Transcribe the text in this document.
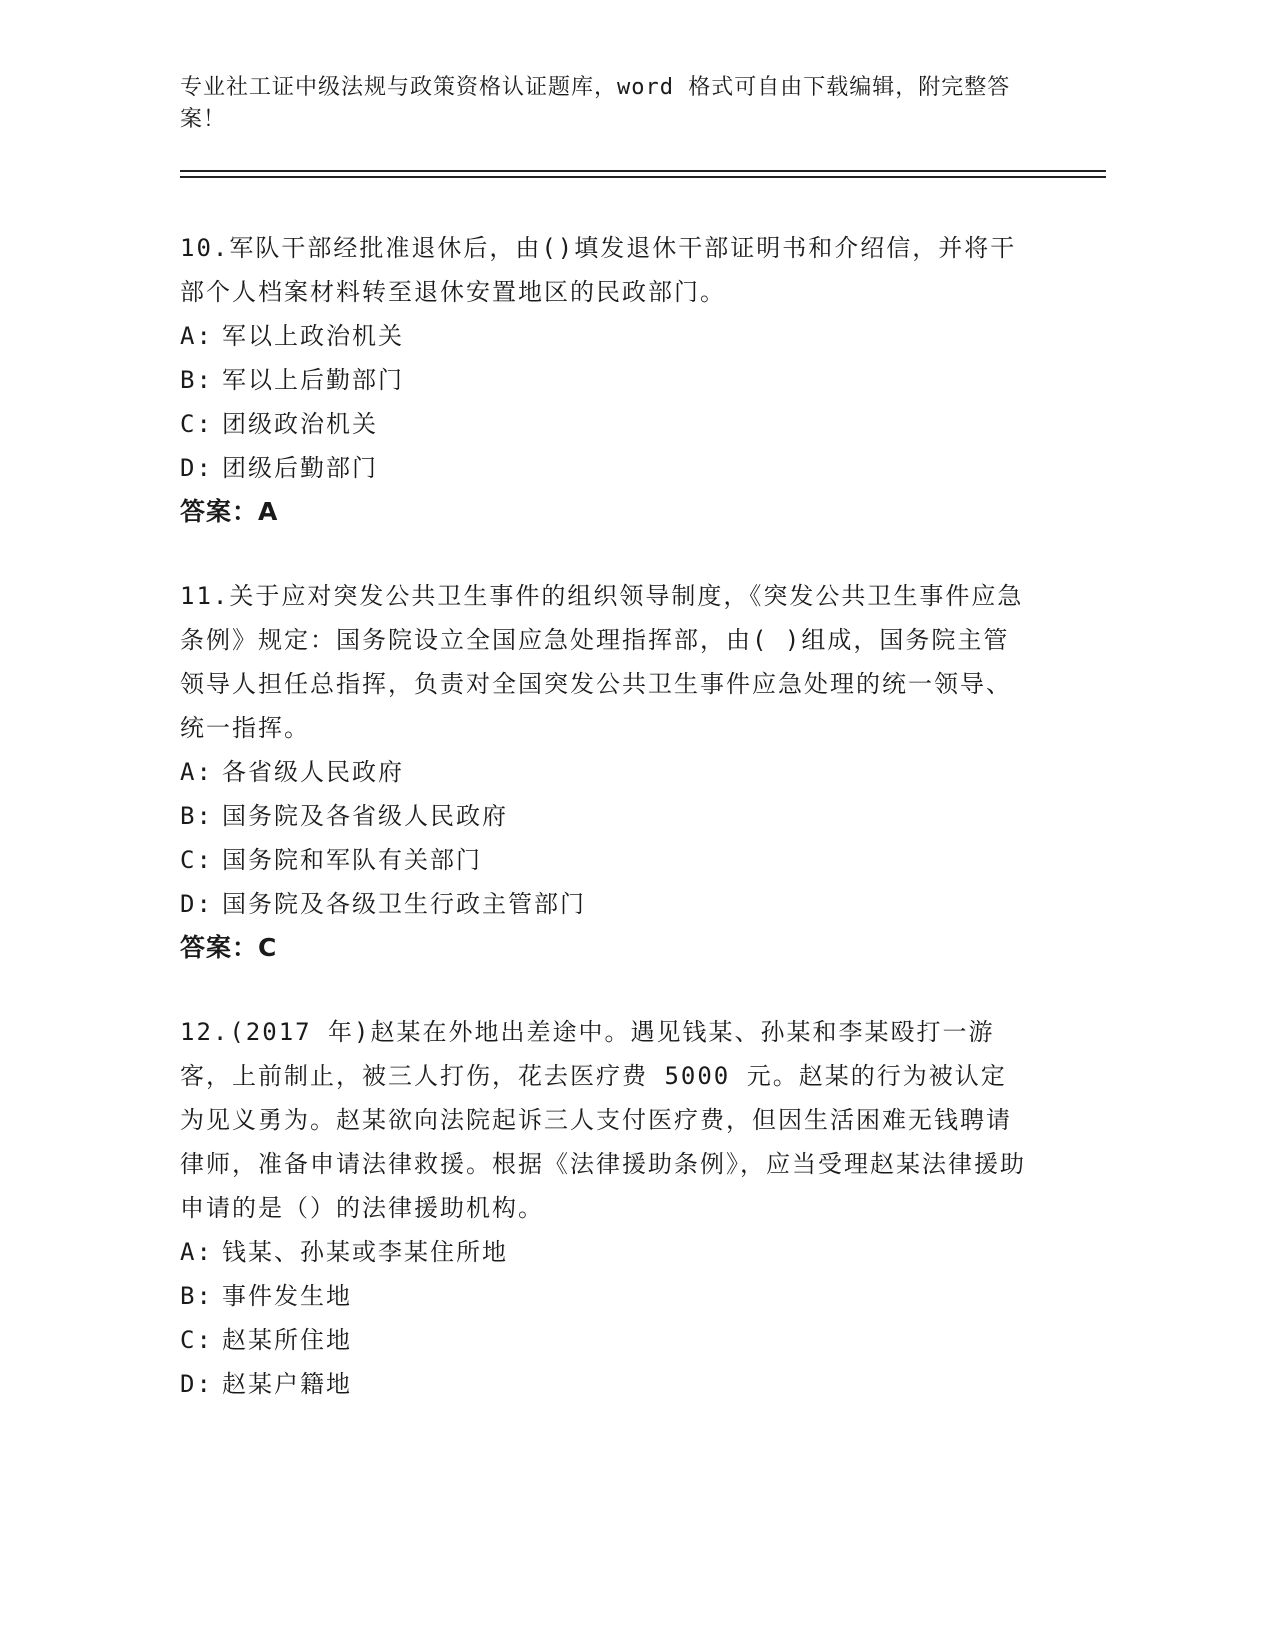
专业社工证中级法规与政策资格认证题库，word 格式可自由下载编辑，附完整答案！

10.军队干部经批准退休后，由()填发退休干部证明书和介绍信，并将干部个人档案材料转至退休安置地区的民政部门。

A: 军以上政治机关
B: 军以上后勤部门
C: 团级政治机关
D: 团级后勤部门

答案：A

11.关于应对突发公共卫生事件的组织领导制度，《突发公共卫生事件应急条例》规定：国务院设立全国应急处理指挥部，由( )组成，国务院主管领导人担任总指挥，负责对全国突发公共卫生事件应急处理的统一领导、统一指挥。

A: 各省级人民政府
B: 国务院及各省级人民政府
C: 国务院和军队有关部门
D: 国务院及各级卫生行政主管部门

答案：C

12.(2017 年)赵某在外地出差途中。遇见钱某、孙某和李某殴打一游客，上前制止，被三人打伤，花去医疗费 5000 元。赵某的行为被认定为见义勇为。赵某欲向法院起诉三人支付医疗费，但因生活困难无钱聘请律师，准备申请法律救援。根据《法律援助条例》，应当受理赵某法律援助申请的是（）的法律援助机构。

A: 钱某、孙某或李某住所地
B: 事件发生地
C: 赵某所住地
D: 赵某户籍地
